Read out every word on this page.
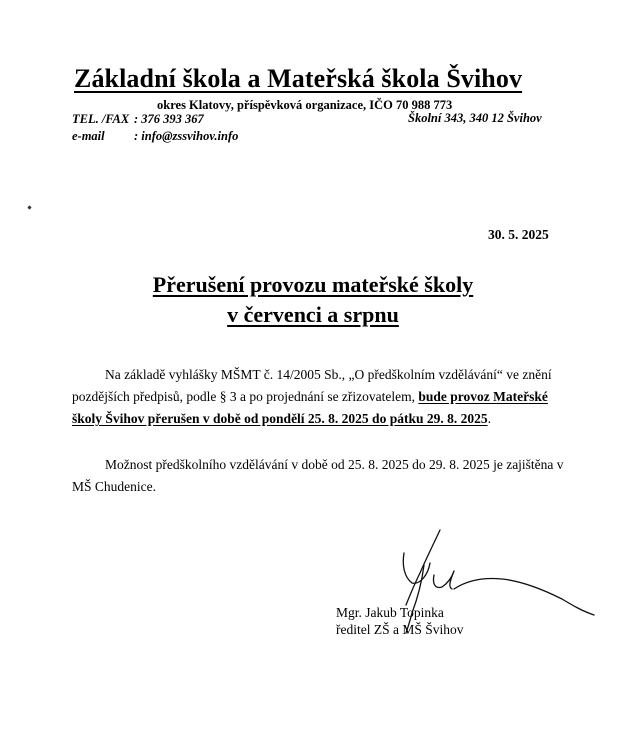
Základní škola a Mateřská škola Švihov
okres Klatovy, příspěvková organizace, IČO 70 988 773
TEL. /FAX : 376 393 367
e-mail : info@zssvihov.info
Školní 343, 340 12 Švihov
30. 5. 2025
Přerušení provozu mateřské školy
v červenci a srpnu
Na základě vyhlášky MŠMT č. 14/2005 Sb., „O předškolním vzdělávání“ ve znění pozdějších předpisů, podle § 3 a po projednání se zřizovatelem, bude provoz Mateřské školy Švihov přerušen v době od pondělí 25. 8. 2025 do pátku 29. 8. 2025.
Možnost předškolního vzdělávání v době od 25. 8. 2025 do 29. 8. 2025 je zajištěna v MŠ Chudenice.
Mgr. Jakub Topinka
ředitel ZŠ a MŠ Švihov
